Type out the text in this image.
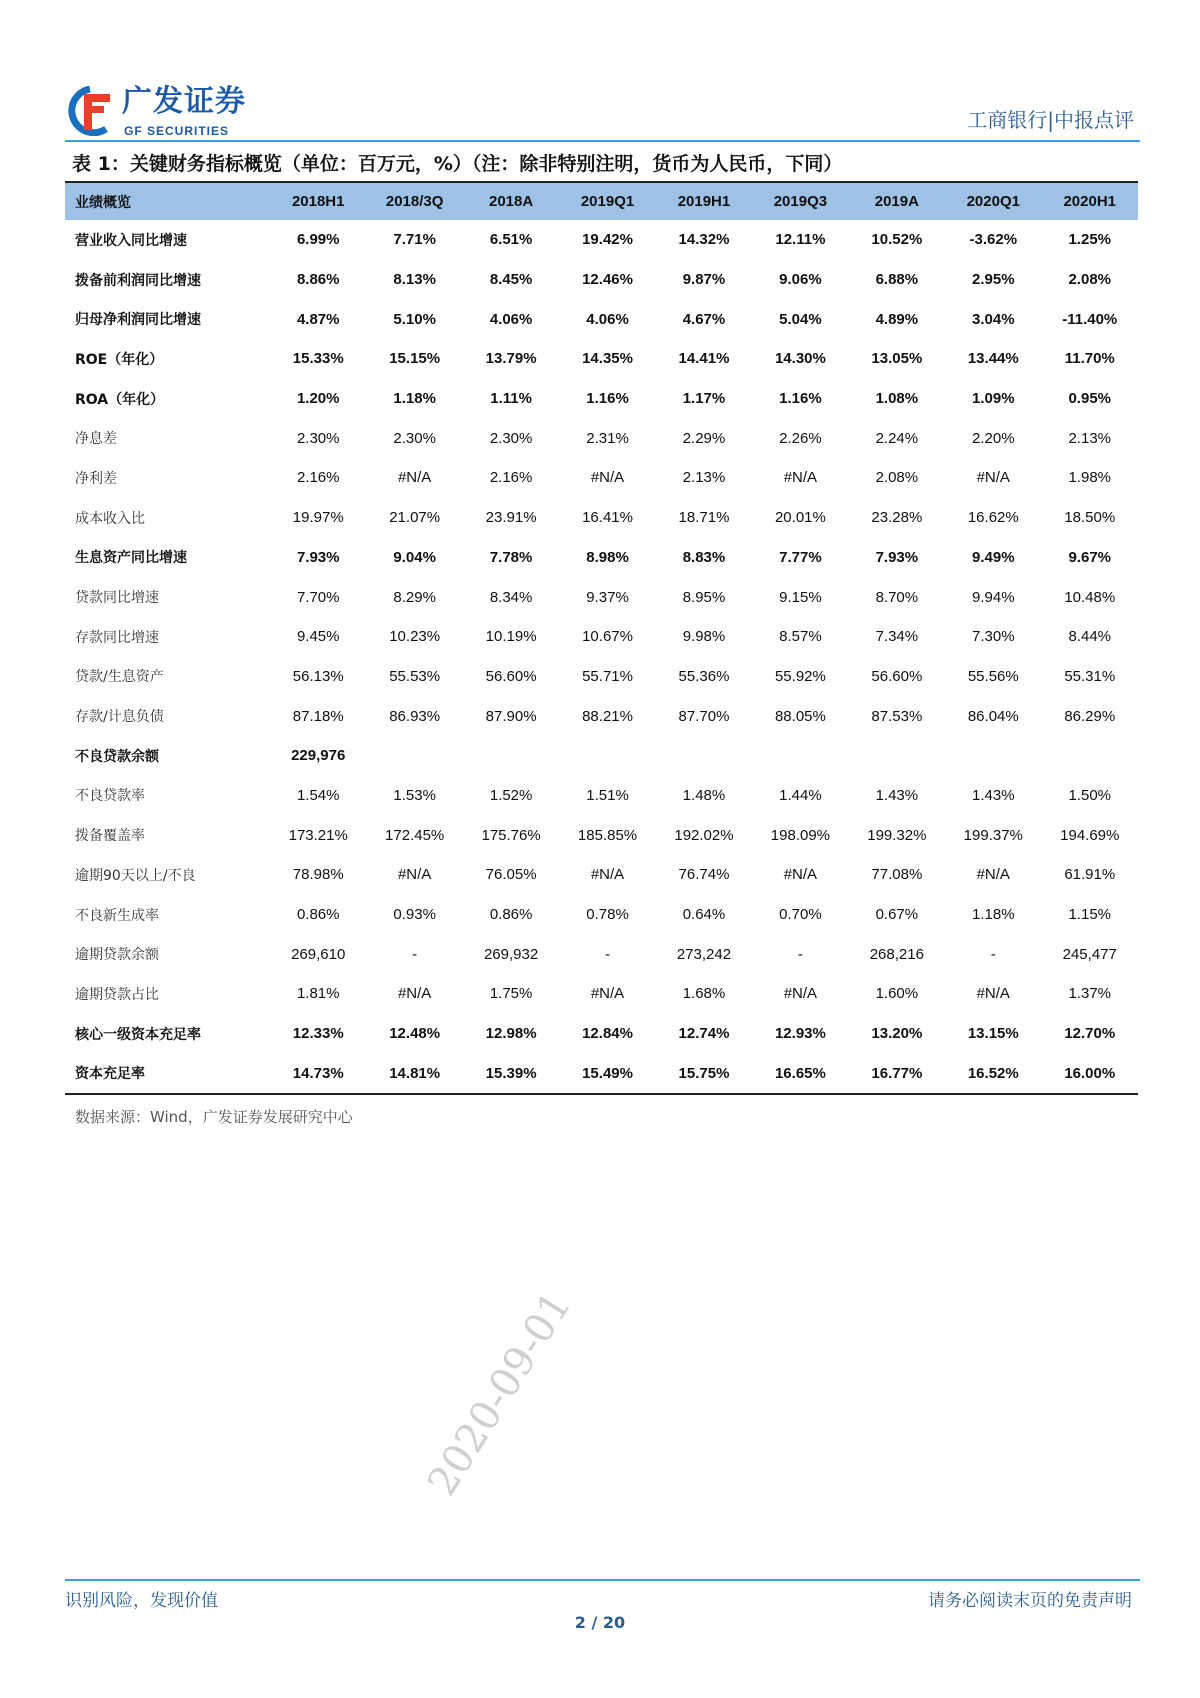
广发证券
GF SECURITIES	工商银行|中报点评
表 1：关键财务指标概览（单位：百万元，%）（注：除非特别注明，货币为人民币，下同）
业绩概览	2018H1	2018/3Q	2018A	2019Q1	2019H1	2019Q3	2019A	2020Q1	2020H1
营业收入同比增速	6.99%	7.71%	6.51%	19.42%	14.32%	12.11%	10.52%	-3.62%	1.25%
拨备前利润同比增速	8.86%	8.13%	8.45%	12.46%	9.87%	9.06%	6.88%	2.95%	2.08%
归母净利润同比增速	4.87%	5.10%	4.06%	4.06%	4.67%	5.04%	4.89%	3.04%	-11.40%
ROE（年化）	15.33%	15.15%	13.79%	14.35%	14.41%	14.30%	13.05%	13.44%	11.70%
ROA（年化）	1.20%	1.18%	1.11%	1.16%	1.17%	1.16%	1.08%	1.09%	0.95%
净息差	2.30%	2.30%	2.30%	2.31%	2.29%	2.26%	2.24%	2.20%	2.13%
净利差	2.16%	#N/A	2.16%	#N/A	2.13%	#N/A	2.08%	#N/A	1.98%
成本收入比	19.97%	21.07%	23.91%	16.41%	18.71%	20.01%	23.28%	16.62%	18.50%
生息资产同比增速	7.93%	9.04%	7.78%	8.98%	8.83%	7.77%	7.93%	9.49%	9.67%
贷款同比增速	7.70%	8.29%	8.34%	9.37%	8.95%	9.15%	8.70%	9.94%	10.48%
存款同比增速	9.45%	10.23%	10.19%	10.67%	9.98%	8.57%	7.34%	7.30%	8.44%
贷款/生息资产	56.13%	55.53%	56.60%	55.71%	55.36%	55.92%	56.60%	55.56%	55.31%
存款/计息负债	87.18%	86.93%	87.90%	88.21%	87.70%	88.05%	87.53%	86.04%	86.29%
不良贷款余额	229,976								
不良贷款率	1.54%	1.53%	1.52%	1.51%	1.48%	1.44%	1.43%	1.43%	1.50%
拨备覆盖率	173.21%	172.45%	175.76%	185.85%	192.02%	198.09%	199.32%	199.37%	194.69%
逾期90天以上/不良	78.98%	#N/A	76.05%	#N/A	76.74%	#N/A	77.08%	#N/A	61.91%
不良新生成率	0.86%	0.93%	0.86%	0.78%	0.64%	0.70%	0.67%	1.18%	1.15%
逾期贷款余额	269,610	-	269,932	-	273,242	-	268,216	-	245,477
逾期贷款占比	1.81%	#N/A	1.75%	#N/A	1.68%	#N/A	1.60%	#N/A	1.37%
核心一级资本充足率	12.33%	12.48%	12.98%	12.84%	12.74%	12.93%	13.20%	13.15%	12.70%
资本充足率	14.73%	14.81%	15.39%	15.49%	15.75%	16.65%	16.77%	16.52%	16.00%
数据来源：Wind，广发证券发展研究中心
2020-09-01
识别风险，发现价值	请务必阅读末页的免责声明
2 / 20
